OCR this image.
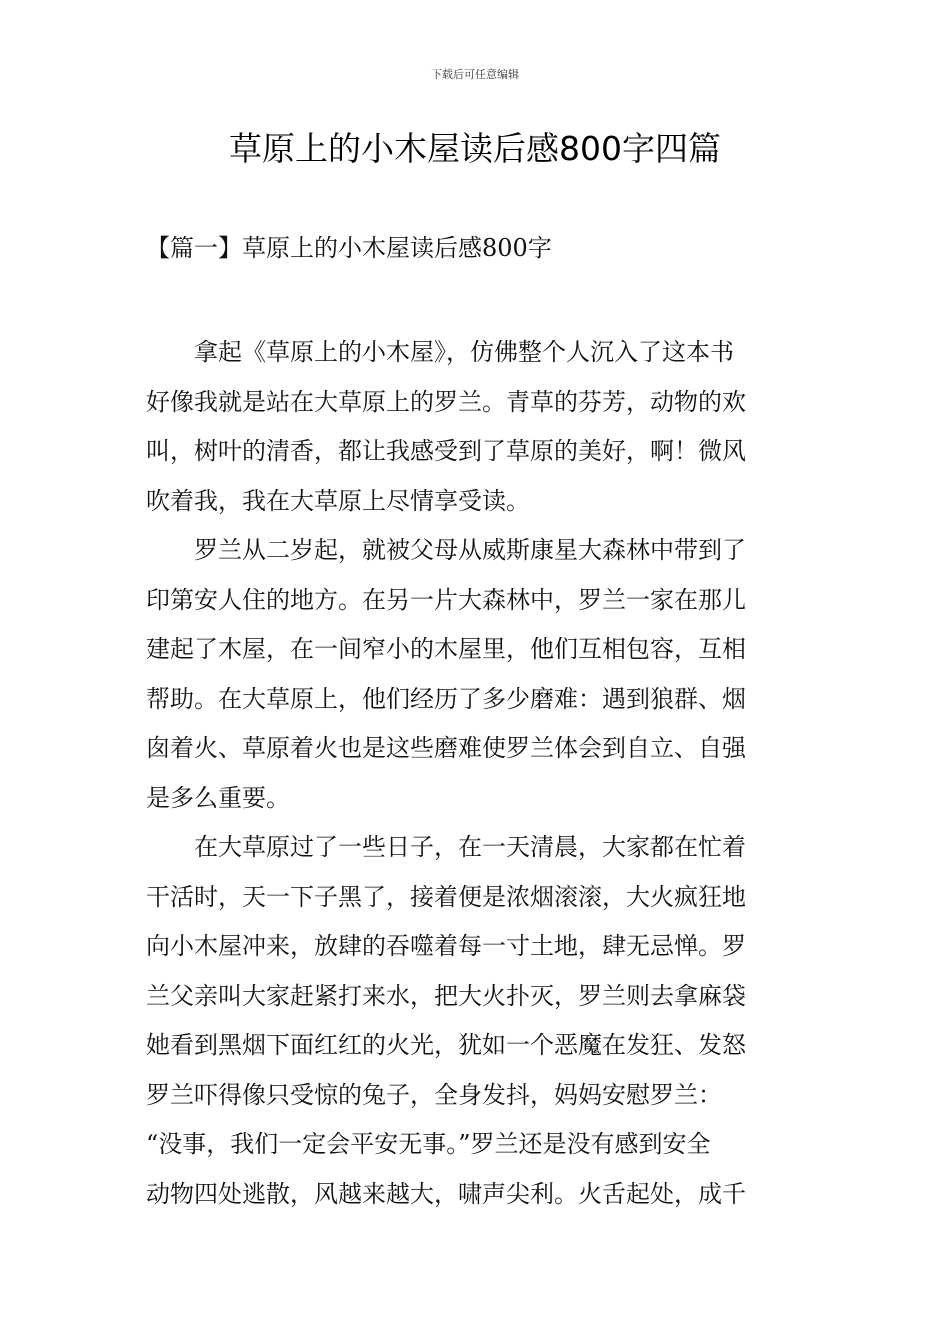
下载后可任意编辑
草原上的小木屋读后感800字四篇
【篇一】草原上的小木屋读后感800字

　　拿起《草原上的小木屋》，仿佛整个人沉入了这本书
好像我就是站在大草原上的罗兰。青草的芬芳，动物的欢
叫，树叶的清香，都让我感受到了草原的美好，啊！微风
吹着我，我在大草原上尽情享受读。

　　罗兰从二岁起，就被父母从威斯康星大森林中带到了
印第安人住的地方。在另一片大森林中，罗兰一家在那儿
建起了木屋，在一间窄小的木屋里，他们互相包容，互相
帮助。在大草原上，他们经历了多少磨难：遇到狼群、烟
囱着火、草原着火也是这些磨难使罗兰体会到自立、自强
是多么重要。

　　在大草原过了一些日子，在一天清晨，大家都在忙着
干活时，天一下子黑了，接着便是浓烟滚滚，大火疯狂地
向小木屋冲来，放肆的吞噬着每一寸土地，肆无忌惮。罗
兰父亲叫大家赶紧打来水，把大火扑灭，罗兰则去拿麻袋
她看到黑烟下面红红的火光，犹如一个恶魔在发狂、发怒
罗兰吓得像只受惊的兔子，全身发抖，妈妈安慰罗兰：
“没事，我们一定会平安无事。”罗兰还是没有感到安全
动物四处逃散，风越来越大，啸声尖利。火舌起处，成千
